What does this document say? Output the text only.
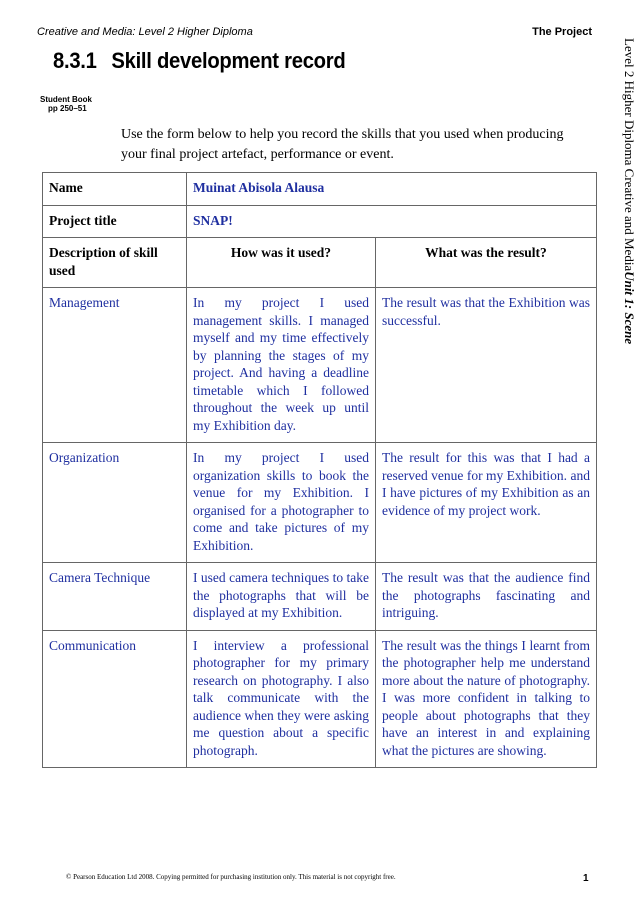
Creative and Media: Level 2 Higher Diploma	The Project
8.3.1 Skill development record
Student Book
pp 250–51
Use the form below to help you record the skills that you used when producing your final project artefact, performance or event.	Level 2 Higher Diploma Creative and MediaUnit 1: Scene
Name	Muinat Abisola Alausa	
Project title	SNAP!	
Description of skill used	How was it used?	What was the result?
Management	In my project I used management skills. I managed myself and my time effectively by planning the stages of my project. And having a deadline timetable which I followed throughout the week up until my Exhibition day.	The result was that the Exhibition was successful.
Organization	In my project I used organization skills to book the venue for my Exhibition. I organised for a photographer to come and take pictures of my Exhibition.	The result for this was that I had a reserved venue for my Exhibition. and I have pictures of my Exhibition as an evidence of my project work.
Camera Technique	I used camera techniques to take the photographs that will be displayed at my Exhibition.	The result was that the audience find the photographs fascinating and intriguing.
Communication	I interview a professional photographer for my primary research on photography. I also talk communicate with the audience when they were asking me question about a specific photograph.	The result was the things I learnt from the photographer help me understand more about the nature of photography. I was more confident in talking to people about photographs that they have an interest in and explaining what the pictures are showing.
© Pearson Education Ltd 2008. Copying permitted for purchasing institution only. This material is not copyright free.	1
